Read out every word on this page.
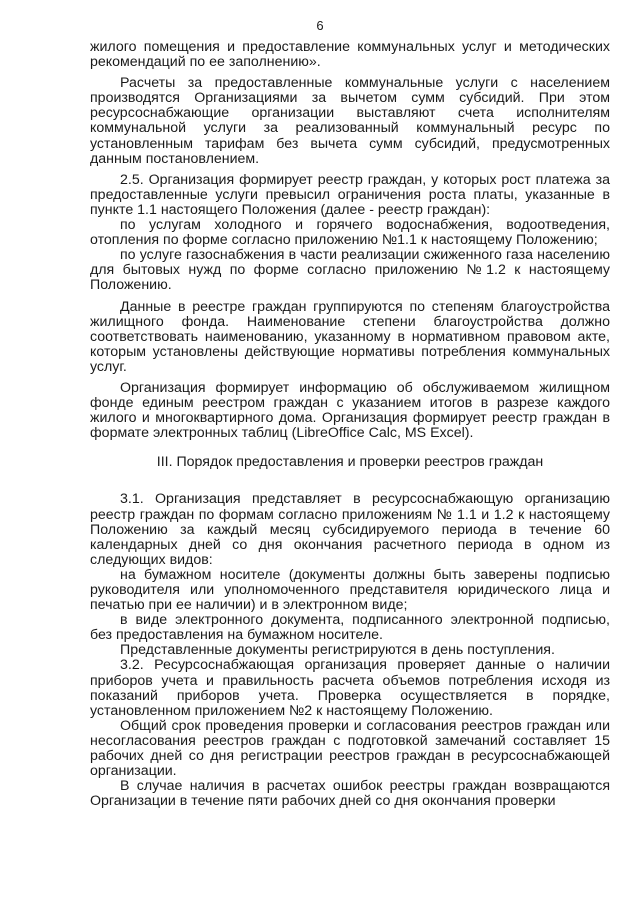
6

жилого помещения и предоставление коммунальных услуг и методических рекомендаций по ее заполнению».

Расчеты за предоставленные коммунальные услуги с населением производятся Организациями за вычетом сумм субсидий. При этом ресурсоснабжающие организации выставляют счета исполнителям коммунальной услуги за реализованный коммунальный ресурс по установленным тарифам без вычета сумм субсидий, предусмотренных данным постановлением.

2.5. Организация формирует реестр граждан, у которых рост платежа за предоставленные услуги превысил ограничения роста платы, указанные в пункте 1.1 настоящего Положения (далее - реестр граждан):

по услугам холодного и горячего водоснабжения, водоотведения, отопления по форме согласно приложению №1.1 к настоящему Положению;

по услуге газоснабжения в части реализации сжиженного газа населению для бытовых нужд по форме согласно приложению №1.2 к настоящему Положению.

Данные в реестре граждан группируются по степеням благоустройства жилищного фонда. Наименование степени благоустройства должно соответствовать наименованию, указанному в нормативном правовом акте, которым установлены действующие нормативы потребления коммунальных услуг.

Организация формирует информацию об обслуживаемом жилищном фонде единым реестром граждан с указанием итогов в разрезе каждого жилого и многоквартирного дома. Организация формирует реестр граждан в формате электронных таблиц (LibreOffice Calc, MS Excel).

III. Порядок предоставления и проверки реестров граждан

3.1. Организация представляет в ресурсоснабжающую организацию реестр граждан по формам согласно приложениям № 1.1 и 1.2 к настоящему Положению за каждый месяц субсидируемого периода в течение 60 календарных дней со дня окончания расчетного периода в одном из следующих видов:

на бумажном носителе (документы должны быть заверены подписью руководителя или уполномоченного представителя юридического лица и печатью при ее наличии) и в электронном виде;

в виде электронного документа, подписанного электронной подписью, без предоставления на бумажном носителе.

Представленные документы регистрируются в день поступления.

3.2. Ресурсоснабжающая организация проверяет данные о наличии приборов учета и правильность расчета объемов потребления исходя из показаний приборов учета. Проверка осуществляется в порядке, установленном приложением №2 к настоящему Положению.

Общий срок проведения проверки и согласования реестров граждан или несогласования реестров граждан с подготовкой замечаний составляет 15 рабочих дней со дня регистрации реестров граждан в ресурсоснабжающей организации.

В случае наличия в расчетах ошибок реестры граждан возвращаются Организации в течение пяти рабочих дней со дня окончания проверки
